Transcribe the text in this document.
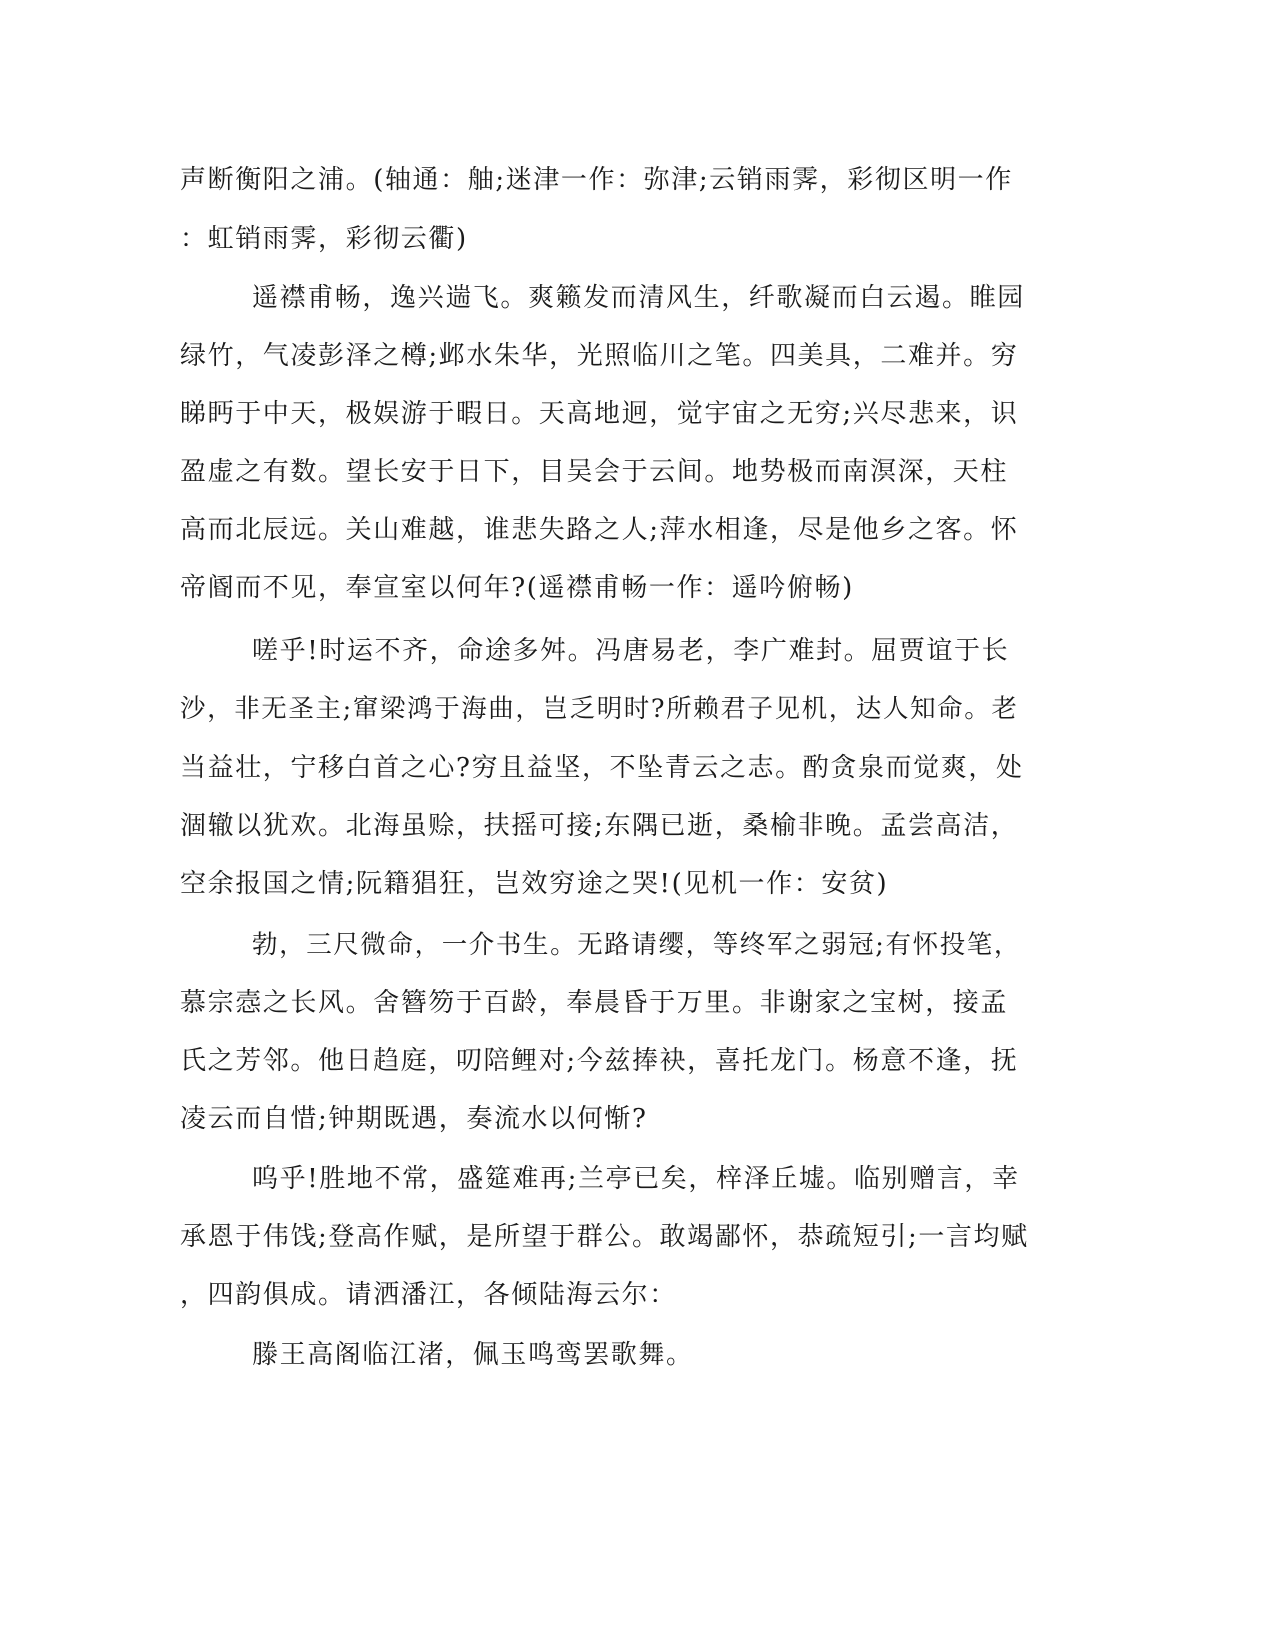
声断衡阳之浦。(轴通：舳;迷津一作：弥津;云销雨霁，彩彻区明一作

：虹销雨霁，彩彻云衢)

遥襟甫畅，逸兴遄飞。爽籁发而清风生，纤歌凝而白云遏。睢园

绿竹，气凌彭泽之樽;邺水朱华，光照临川之笔。四美具，二难并。穷

睇眄于中天，极娱游于暇日。天高地迥，觉宇宙之无穷;兴尽悲来，识

盈虚之有数。望长安于日下，目吴会于云间。地势极而南溟深，天柱

高而北辰远。关山难越，谁悲失路之人;萍水相逢，尽是他乡之客。怀

帝阍而不见，奉宣室以何年?(遥襟甫畅一作：遥吟俯畅)

嗟乎!时运不齐，命途多舛。冯唐易老，李广难封。屈贾谊于长

沙，非无圣主;窜梁鸿于海曲，岂乏明时?所赖君子见机，达人知命。老

当益壮，宁移白首之心?穷且益坚，不坠青云之志。酌贪泉而觉爽，处

涸辙以犹欢。北海虽赊，扶摇可接;东隅已逝，桑榆非晚。孟尝高洁，

空余报国之情;阮籍猖狂，岂效穷途之哭!(见机一作：安贫)

勃，三尺微命，一介书生。无路请缨，等终军之弱冠;有怀投笔，

慕宗悫之长风。舍簪笏于百龄，奉晨昏于万里。非谢家之宝树，接孟

氏之芳邻。他日趋庭，叨陪鲤对;今兹捧袂，喜托龙门。杨意不逢，抚

凌云而自惜;钟期既遇，奏流水以何惭?

呜乎!胜地不常，盛筵难再;兰亭已矣，梓泽丘墟。临别赠言，幸

承恩于伟饯;登高作赋，是所望于群公。敢竭鄙怀，恭疏短引;一言均赋

，四韵俱成。请洒潘江，各倾陆海云尔：

滕王高阁临江渚，佩玉鸣鸾罢歌舞。
